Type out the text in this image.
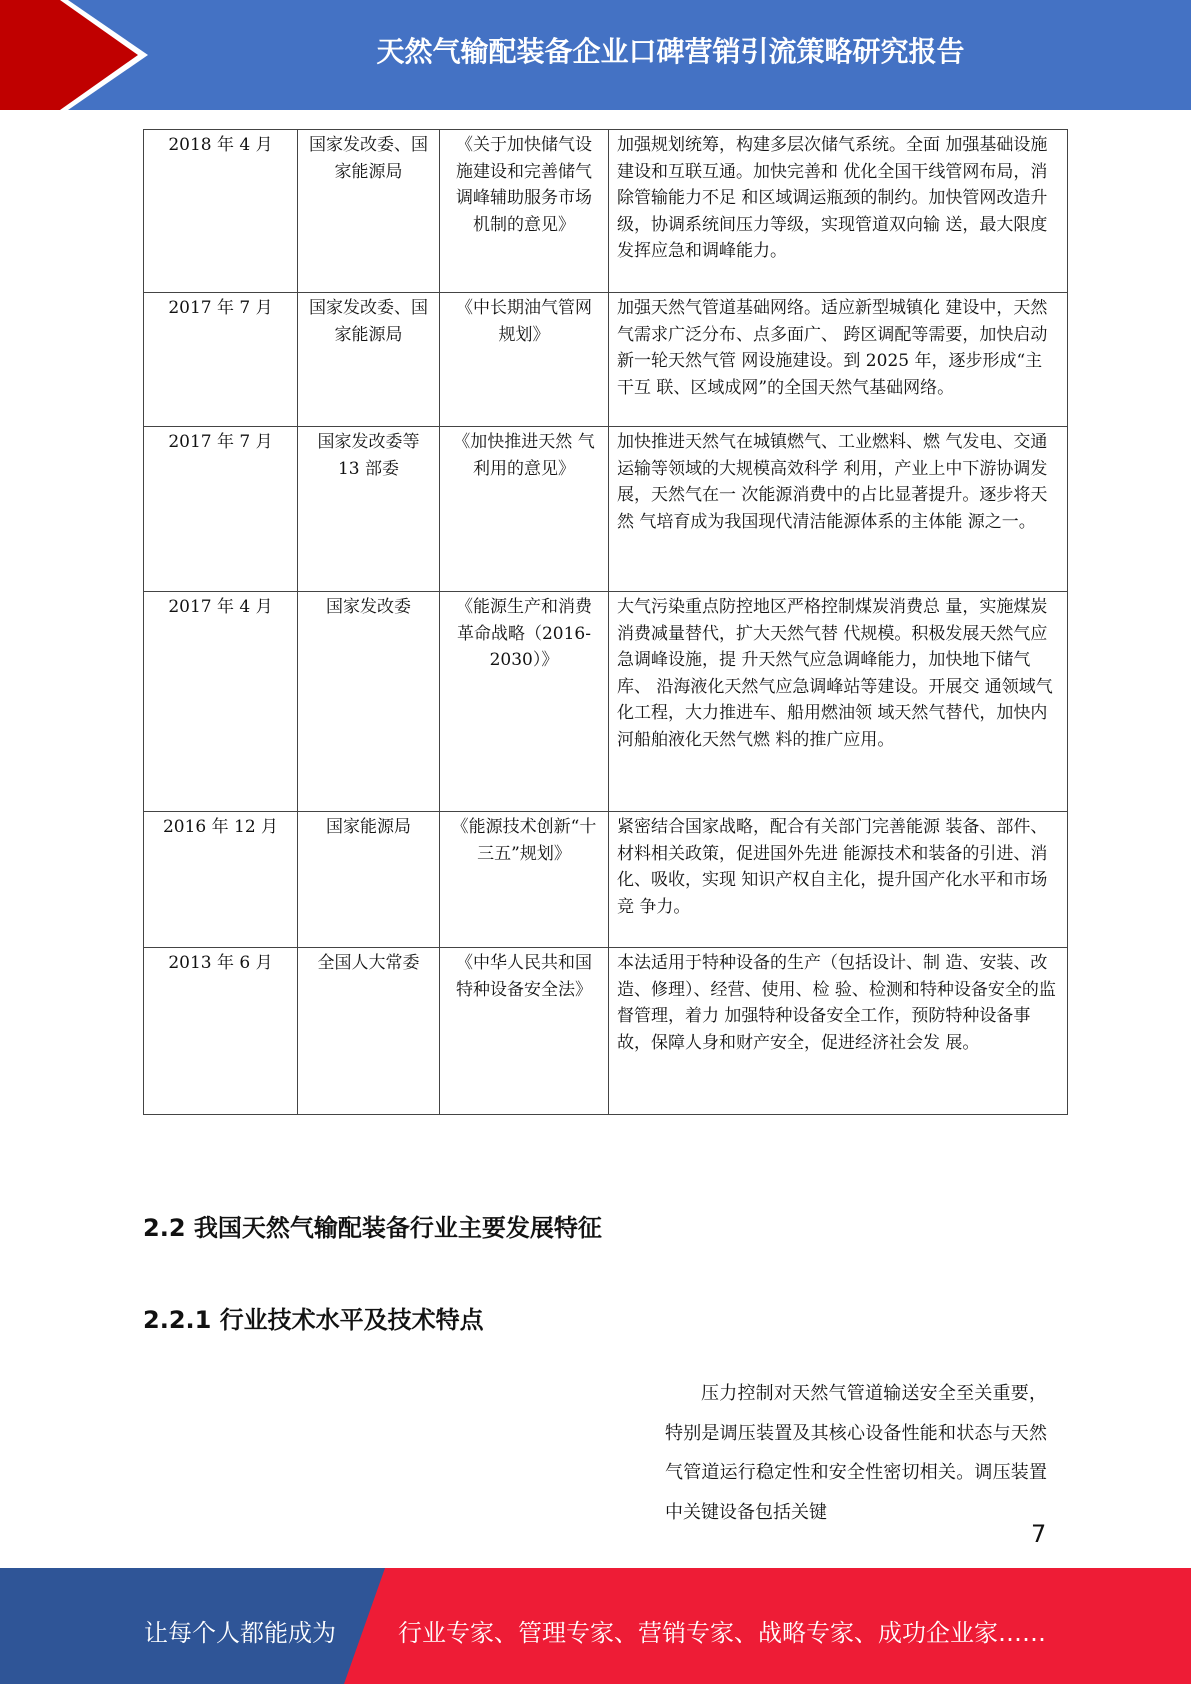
天然气输配装备企业口碑营销引流策略研究报告
2018 年 4 月	国家发改委、国家能源局	《关于加快储气设施建设和完善储气调峰辅助服务市场机制的意见》	加强规划统筹，构建多层次储气系统。全面 加强基础设施建设和互联互通。加快完善和 优化全国干线管网布局，消除管输能力不足 和区域调运瓶颈的制约。加快管网改造升 级，协调系统间压力等级，实现管道双向输 送，最大限度发挥应急和调峰能力。
2017 年 7 月	国家发改委、国家能源局	《中长期油气管网规划》	加强天然气管道基础网络。适应新型城镇化 建设中，天然气需求广泛分布、点多面广、 跨区调配等需要，加快启动新一轮天然气管 网设施建设。到 2025 年，逐步形成“主干互 联、区域成网”的全国天然气基础网络。
2017 年 7 月	国家发改委等 13 部委	《加快推进天然 气利用的意见》	加快推进天然气在城镇燃气、工业燃料、燃 气发电、交通运输等领域的大规模高效科学 利用，产业上中下游协调发展，天然气在一 次能源消费中的占比显著提升。逐步将天然 气培育成为我国现代清洁能源体系的主体能 源之一。
2017 年 4 月	国家发改委	《能源生产和消费革命战略（2016-2030）》	大气污染重点防控地区严格控制煤炭消费总 量，实施煤炭消费减量替代，扩大天然气替 代规模。积极发展天然气应急调峰设施，提 升天然气应急调峰能力，加快地下储气库、 沿海液化天然气应急调峰站等建设。开展交 通领域气化工程，大力推进车、船用燃油领 域天然气替代，加快内河船舶液化天然气燃 料的推广应用。
2016 年 12 月	国家能源局	《能源技术创新“十三五”规划》	紧密结合国家战略，配合有关部门完善能源 装备、部件、材料相关政策，促进国外先进 能源技术和装备的引进、消化、吸收，实现 知识产权自主化，提升国产化水平和市场竞 争力。
2013 年 6 月	全国人大常委	《中华人民共和国特种设备安全法》	本法适用于特种设备的生产（包括设计、制 造、安装、改造、修理）、经营、使用、检 验、检测和特种设备安全的监督管理，着力 加强特种设备安全工作，预防特种设备事 故，保障人身和财产安全，促进经济社会发 展。
2.2 我国天然气输配装备行业主要发展特征
2.2.1 行业技术水平及技术特点
压力控制对天然气管道输送安全至关重要，特别是调压装置及其核心设备性能和状态与天然气管道运行稳定性和安全性密切相关。调压装置中关键设备包括关键
7
让每个人都能成为	行业专家、管理专家、营销专家、战略专家、成功企业家……
